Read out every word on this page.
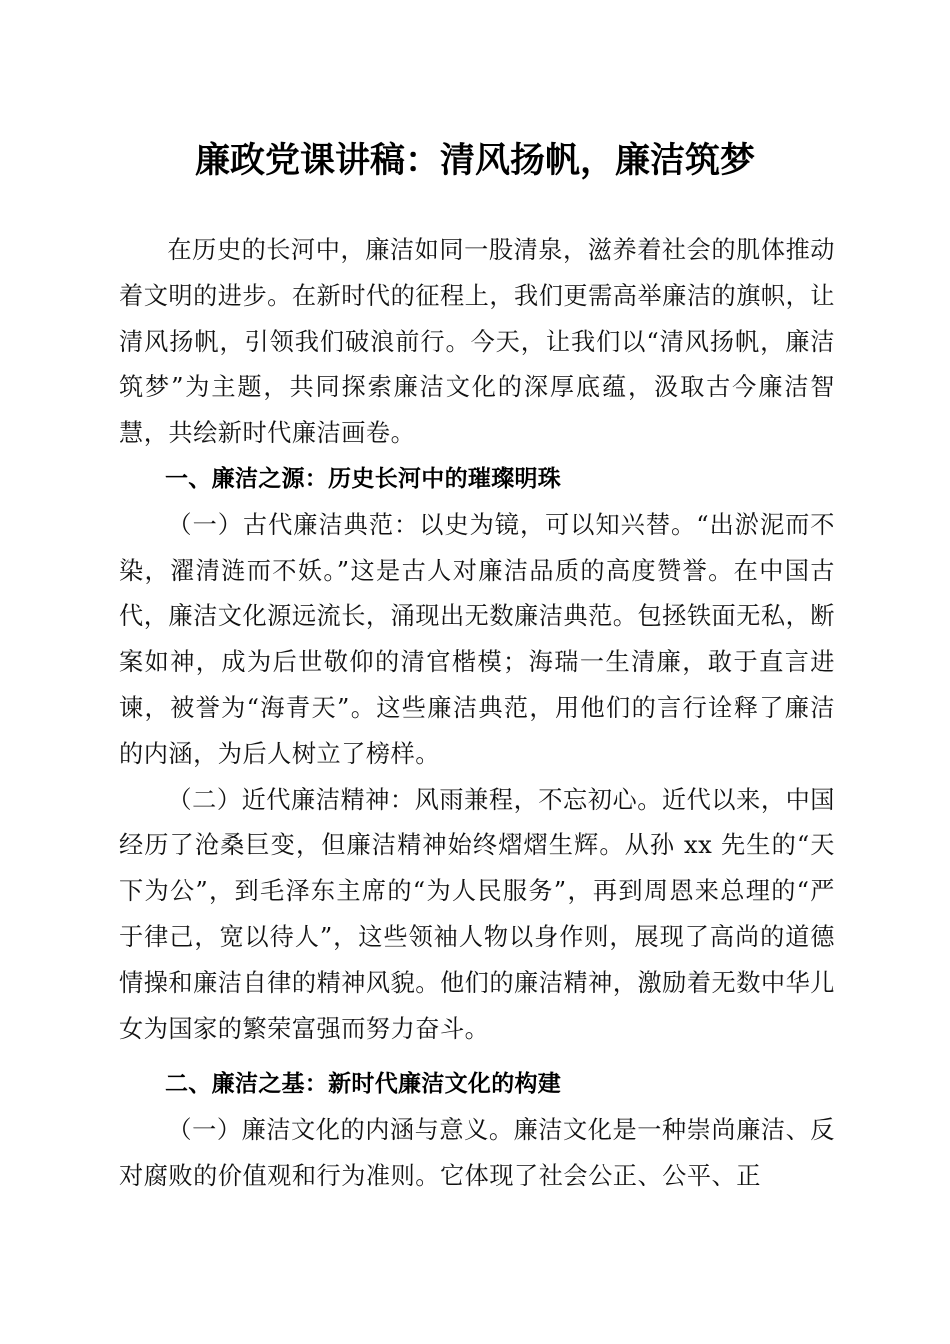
廉政党课讲稿：清风扬帆，廉洁筑梦

在历史的长河中，廉洁如同一股清泉，滋养着社会的肌体推动着文明的进步。在新时代的征程上，我们更需高举廉洁的旗帜，让清风扬帆，引领我们破浪前行。今天，让我们以“清风扬帆，廉洁筑梦”为主题，共同探索廉洁文化的深厚底蕴，汲取古今廉洁智慧，共绘新时代廉洁画卷。

一、廉洁之源：历史长河中的璀璨明珠

（一）古代廉洁典范：以史为镜，可以知兴替。“出淤泥而不染，濯清涟而不妖。”这是古人对廉洁品质的高度赞誉。在中国古代，廉洁文化源远流长，涌现出无数廉洁典范。包拯铁面无私，断案如神，成为后世敬仰的清官楷模；海瑞一生清廉，敢于直言进谏，被誉为“海青天”。这些廉洁典范，用他们的言行诠释了廉洁的内涵，为后人树立了榜样。

（二）近代廉洁精神：风雨兼程，不忘初心。近代以来，中国经历了沧桑巨变，但廉洁精神始终熠熠生辉。从孙 xx 先生的“天下为公”，到毛泽东主席的“为人民服务”，再到周恩来总理的“严于律己，宽以待人”，这些领袖人物以身作则，展现了高尚的道德情操和廉洁自律的精神风貌。他们的廉洁精神，激励着无数中华儿女为国家的繁荣富强而努力奋斗。

二、廉洁之基：新时代廉洁文化的构建

（一）廉洁文化的内涵与意义。廉洁文化是一种崇尚廉洁、反对腐败的价值观和行为准则。它体现了社会公正、公平、正
